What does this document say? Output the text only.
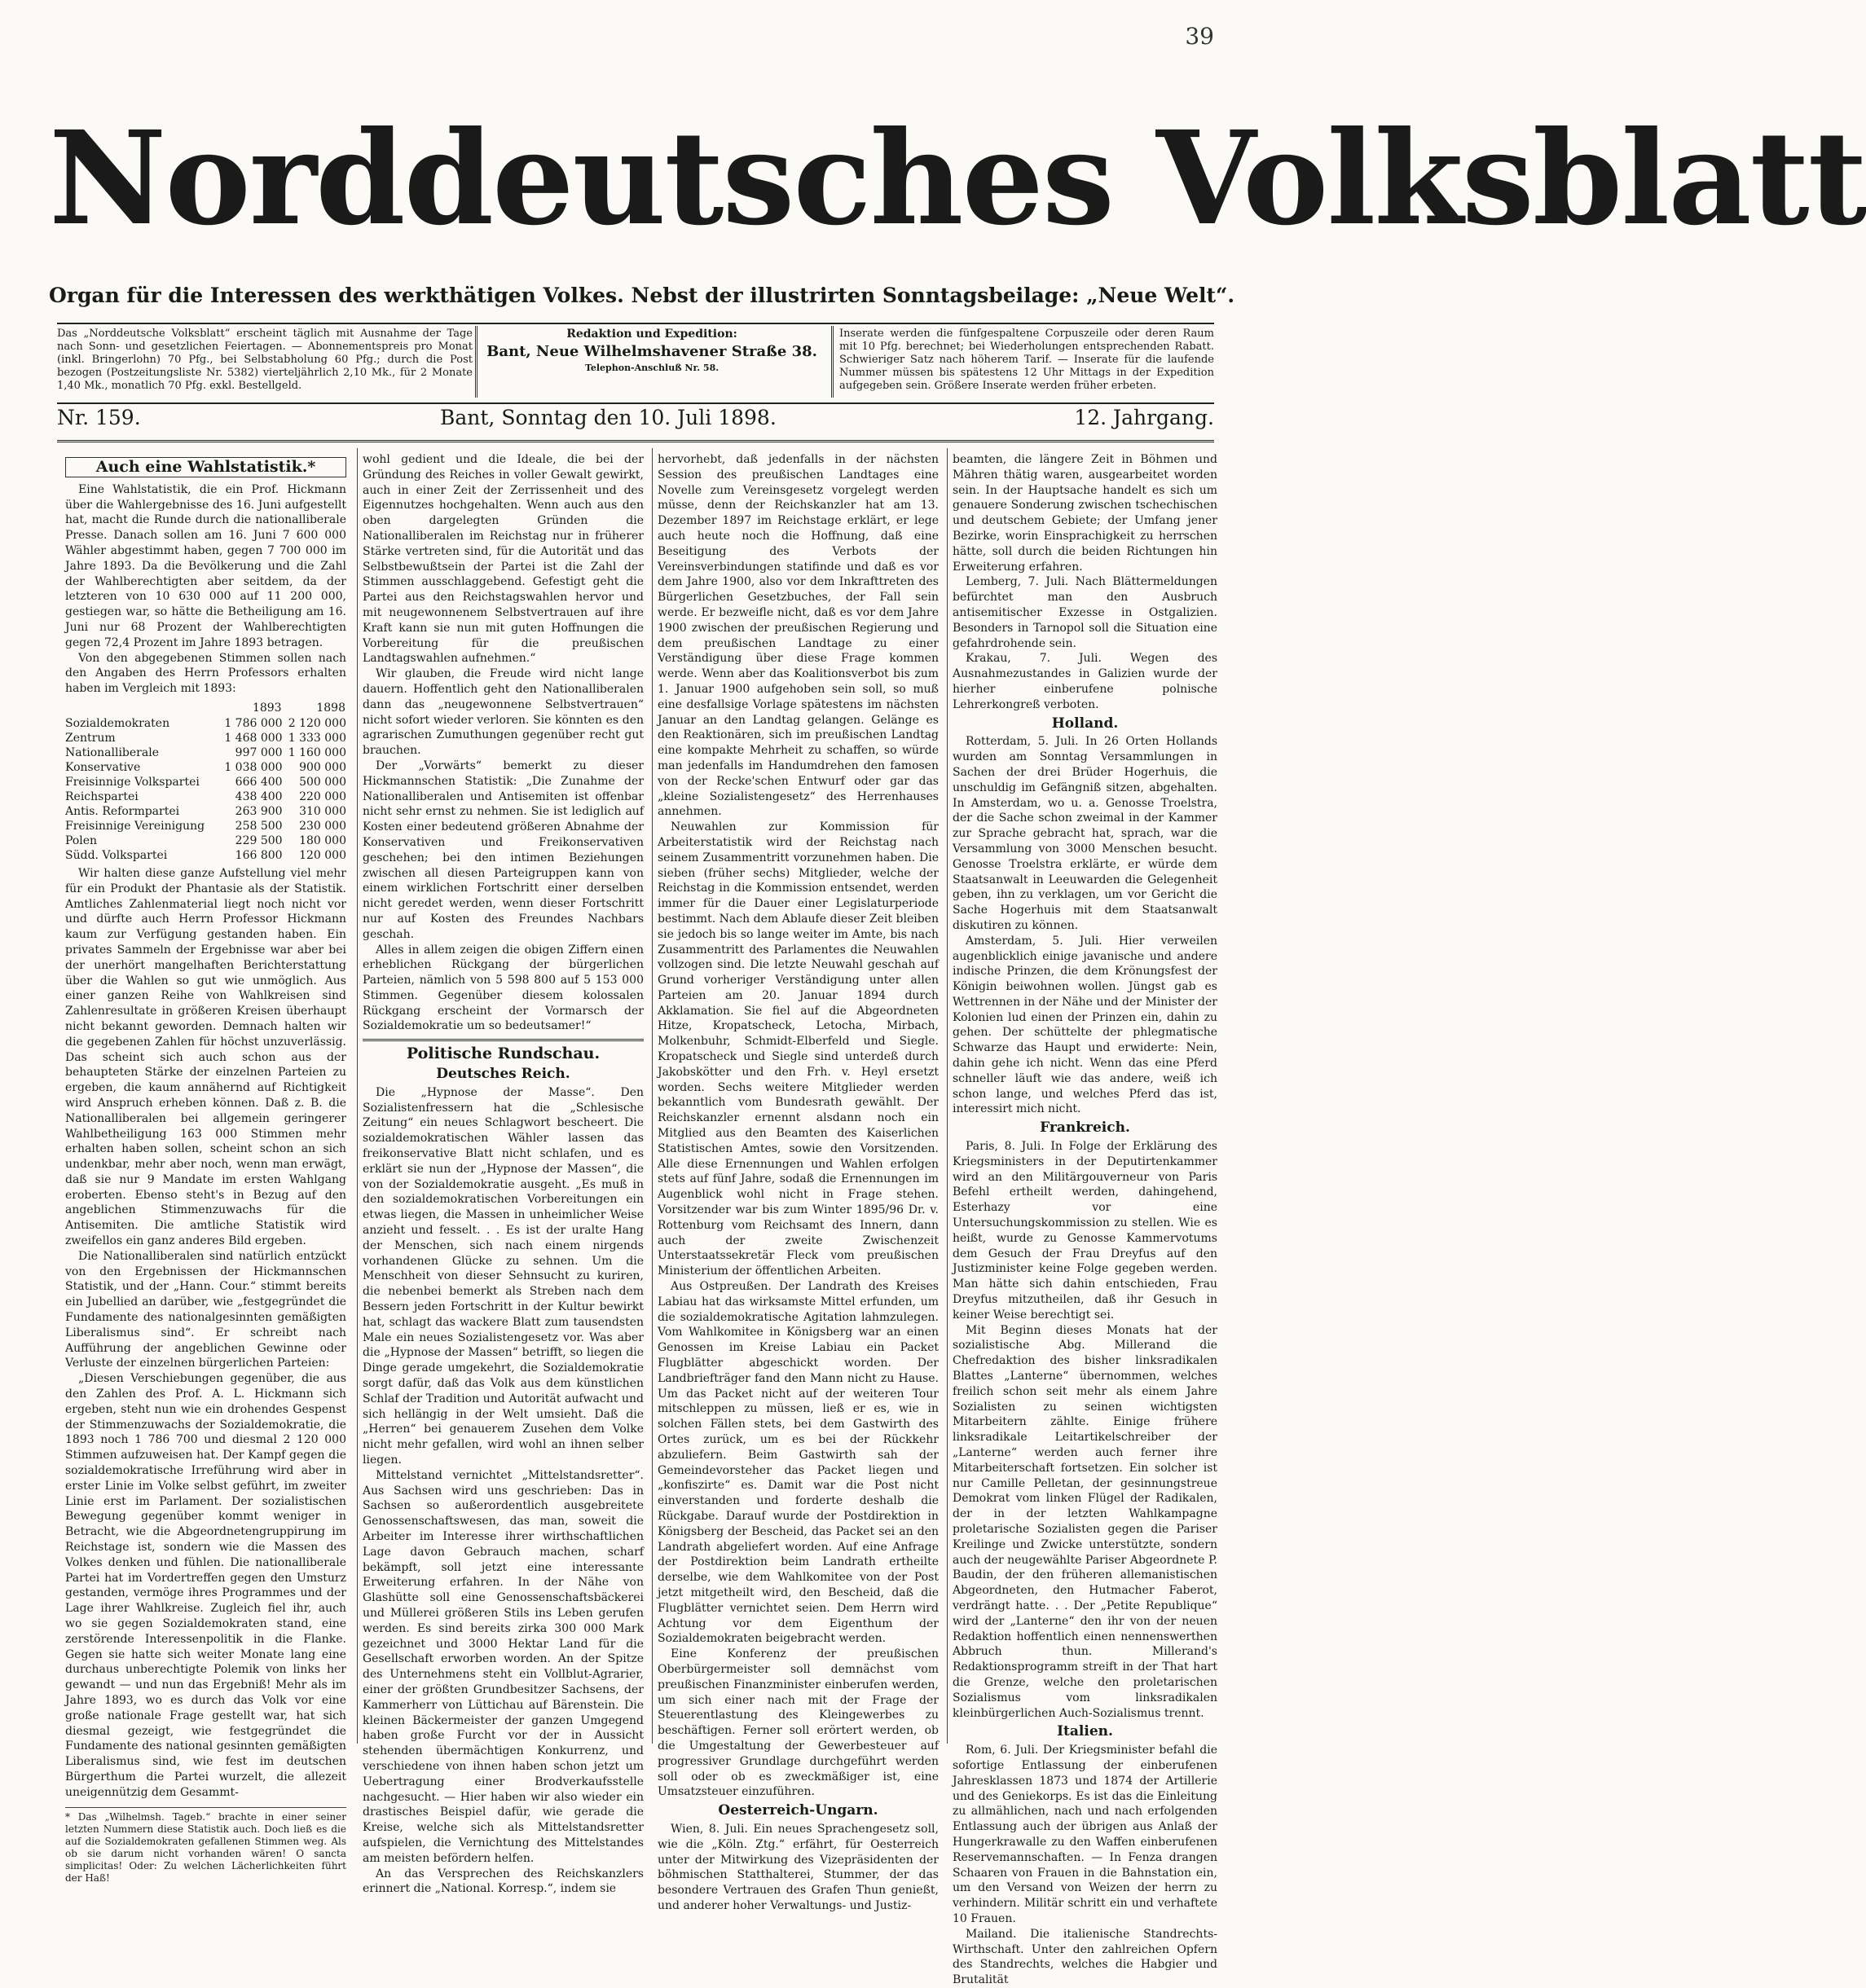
39
Norddeutsches Volksblatt
Organ für die Interessen des werkthätigen Volkes. Nebst der illustrirten Sonntagsbeilage: „Neue Welt“.
Das „Norddeutsche Volksblatt“ erscheint täglich mit Ausnahme der Tage nach Sonn- und gesetzlichen Feiertagen. — Abonnementspreis pro Monat (inkl. Bringerlohn) 70 Pfg., bei Selbstabholung 60 Pfg.; durch die Post bezogen (Postzeitungsliste Nr. 5382) vierteljährlich 2,10 Mk., für 2 Monate 1,40 Mk., monatlich 70 Pfg. exkl. Bestellgeld.
Redaktion und Expedition:
Bant, Neue Wilhelmshavener Straße 38.
Telephon-Anschluß Nr. 58.
Inserate werden die fünfgespaltene Corpuszeile oder deren Raum mit 10 Pfg. berechnet; bei Wiederholungen entsprechenden Rabatt. Schwieriger Satz nach höherem Tarif. — Inserate für die laufende Nummer müssen bis spätestens 12 Uhr Mittags in der Expedition aufgegeben sein. Größere Inserate werden früher erbeten.
Nr. 159.	Bant, Sonntag den 10. Juli 1898.	12. Jahrgang.
Auch eine Wahlstatistik.*

Eine Wahlstatistik, die ein Prof. Hickmann über die Wahlergebnisse des 16. Juni aufgestellt hat, macht die Runde durch die nationalliberale Presse. Danach sollen am 16. Juni 7 600 000 Wähler abgestimmt haben, gegen 7 700 000 im Jahre 1893. Da die Bevölkerung und die Zahl der Wahlberechtigten aber seitdem, da der letzteren von 10 630 000 auf 11 200 000, gestiegen war, so hätte die Betheiligung am 16. Juni nur 68 Prozent der Wahlberechtigten gegen 72,4 Prozent im Jahre 1893 betragen.

Von den abgegebenen Stimmen sollen nach den Angaben des Herrn Professors erhalten haben im Vergleich mit 1893:

	1893	1898
Sozialdemokraten	1 786 000	2 120 000
Zentrum	1 468 000	1 333 000
Nationalliberale	997 000	1 160 000
Konservative	1 038 000	900 000
Freisinnige Volkspartei	666 400	500 000
Reichspartei	438 400	220 000
Antis. Reformpartei	263 900	310 000
Freisinnige Vereinigung	258 500	230 000
Polen	229 500	180 000
Südd. Volkspartei	166 800	120 000

Wir halten diese ganze Aufstellung viel mehr für ein Produkt der Phantasie als der Statistik. Amtliches Zahlenmaterial liegt noch nicht vor und dürfte auch Herrn Professor Hickmann kaum zur Verfügung gestanden haben. Ein privates Sammeln der Ergebnisse war aber bei der unerhört mangelhaften Berichterstattung über die Wahlen so gut wie unmöglich. Aus einer ganzen Reihe von Wahlkreisen sind Zahlenresultate in größeren Kreisen überhaupt nicht bekannt geworden. Demnach halten wir die gegebenen Zahlen für höchst unzuverlässig. Das scheint sich auch schon aus der behaupteten Stärke der einzelnen Parteien zu ergeben, die kaum annähernd auf Richtigkeit wird Anspruch erheben können. Daß z. B. die Nationalliberalen bei allgemein geringerer Wahlbetheiligung 163 000 Stimmen mehr erhalten haben sollen, scheint schon an sich undenkbar, mehr aber noch, wenn man erwägt, daß sie nur 9 Mandate im ersten Wahlgang eroberten. Ebenso steht's in Bezug auf den angeblichen Stimmenzuwachs für die Antisemiten. Die amtliche Statistik wird zweifellos ein ganz anderes Bild ergeben.

Die Nationalliberalen sind natürlich entzückt von den Ergebnissen der Hickmannschen Statistik, und der „Hann. Cour.“ stimmt bereits ein Jubellied an darüber, wie „festgegründet die Fundamente des nationalgesinnten gemäßigten Liberalismus sind“. Er schreibt nach Aufführung der angeblichen Gewinne oder Verluste der einzelnen bürgerlichen Parteien:

„Diesen Verschiebungen gegenüber, die aus den Zahlen des Prof. A. L. Hickmann sich ergeben, steht nun wie ein drohendes Gespenst der Stimmenzuwachs der Sozialdemokratie, die 1893 noch 1 786 700 und diesmal 2 120 000 Stimmen aufzuweisen hat. Der Kampf gegen die sozialdemokratische Irreführung wird aber in erster Linie im Volke selbst geführt, im zweiter Linie erst im Parlament. Der sozialistischen Bewegung gegenüber kommt weniger in Betracht, wie die Abgeordnetengruppirung im Reichstage ist, sondern wie die Massen des Volkes denken und fühlen. Die nationalliberale Partei hat im Vordertreffen gegen den Umsturz gestanden, vermöge ihres Programmes und der Lage ihrer Wahlkreise. Zugleich fiel ihr, auch wo sie gegen Sozialdemokraten stand, eine zerstörende Interessenpolitik in die Flanke. Gegen sie hatte sich weiter Monate lang eine durchaus unberechtigte Polemik von links her gewandt — und nun das Ergebniß! Mehr als im Jahre 1893, wo es durch das Volk vor eine große nationale Frage gestellt war, hat sich diesmal gezeigt, wie festgegründet die Fundamente des national gesinnten gemäßigten Liberalismus sind, wie fest im deutschen Bürgerthum die Partei wurzelt, die allezeit uneigennützig dem Gesammt-

* Das „Wilhelmsh. Tageb.“ brachte in einer seiner letzten Nummern diese Statistik auch. Doch ließ es die auf die Sozialdemokraten gefallenen Stimmen weg. Als ob sie darum nicht vorhanden wären! O sancta simplicitas! Oder: Zu welchen Lächerlichkeiten führt der Haß!

wohl gedient und die Ideale, die bei der Gründung des Reiches in voller Gewalt gewirkt, auch in einer Zeit der Zerrissenheit und des Eigennutzes hochgehalten. Wenn auch aus den oben dargelegten Gründen die Nationalliberalen im Reichstag nur in früherer Stärke vertreten sind, für die Autorität und das Selbstbewußtsein der Partei ist die Zahl der Stimmen ausschlaggebend. Gefestigt geht die Partei aus den Reichstagswahlen hervor und mit neugewonnenem Selbstvertrauen auf ihre Kraft kann sie nun mit guten Hoffnungen die Vorbereitung für die preußischen Landtagswahlen aufnehmen.“

Wir glauben, die Freude wird nicht lange dauern. Hoffentlich geht den Nationalliberalen dann das „neugewonnene Selbstvertrauen“ nicht sofort wieder verloren. Sie könnten es den agrarischen Zumuthungen gegenüber recht gut brauchen.

Der „Vorwärts“ bemerkt zu dieser Hickmannschen Statistik: „Die Zunahme der Nationalliberalen und Antisemiten ist offenbar nicht sehr ernst zu nehmen. Sie ist lediglich auf Kosten einer bedeutend größeren Abnahme der Konservativen und Freikonservativen geschehen; bei den intimen Beziehungen zwischen all diesen Parteigruppen kann von einem wirklichen Fortschritt einer derselben nicht geredet werden, wenn dieser Fortschritt nur auf Kosten des Freundes Nachbars geschah.

Alles in allem zeigen die obigen Ziffern einen erheblichen Rückgang der bürgerlichen Parteien, nämlich von 5 598 800 auf 5 153 000 Stimmen. Gegenüber diesem kolossalen Rückgang erscheint der Vormarsch der Sozialdemokratie um so bedeutsamer!“

Politische Rundschau.
Deutsches Reich.

Die „Hypnose der Masse“. Den Sozialistenfressern hat die „Schlesische Zeitung“ ein neues Schlagwort bescheert. Die sozialdemokratischen Wähler lassen das freikonservative Blatt nicht schlafen, und es erklärt sie nun der „Hypnose der Massen“, die von der Sozialdemokratie ausgeht. „Es muß in den sozialdemokratischen Vorbereitungen ein etwas liegen, die Massen in unheimlicher Weise anzieht und fesselt. . . Es ist der uralte Hang der Menschen, sich nach einem nirgends vorhandenen Glücke zu sehnen. Um die Menschheit von dieser Sehnsucht zu kuriren, die nebenbei bemerkt als Streben nach dem Bessern jeden Fortschritt in der Kultur bewirkt hat, schlagt das wackere Blatt zum tausendsten Male ein neues Sozialistengesetz vor. Was aber die „Hypnose der Massen“ betrifft, so liegen die Dinge gerade umgekehrt, die Sozialdemokratie sorgt dafür, daß das Volk aus dem künstlichen Schlaf der Tradition und Autorität aufwacht und sich hellängig in der Welt umsieht. Daß die „Herren“ bei genauerem Zusehen dem Volke nicht mehr gefallen, wird wohl an ihnen selber liegen.

Mittelstand vernichtet „Mittelstandsretter“. Aus Sachsen wird uns geschrieben: Das in Sachsen so außerordentlich ausgebreitete Genossenschaftswesen, das man, soweit die Arbeiter im Interesse ihrer wirthschaftlichen Lage davon Gebrauch machen, scharf bekämpft, soll jetzt eine interessante Erweiterung erfahren. In der Nähe von Glashütte soll eine Genossenschaftsbäckerei und Müllerei größeren Stils ins Leben gerufen werden. Es sind bereits zirka 300 000 Mark gezeichnet und 3000 Hektar Land für die Gesellschaft erworben worden. An der Spitze des Unternehmens steht ein Vollblut-Agrarier, einer der größten Grundbesitzer Sachsens, der Kammerherr von Lüttichau auf Bärenstein. Die kleinen Bäckermeister der ganzen Umgegend haben große Furcht vor der in Aussicht stehenden übermächtigen Konkurrenz, und verschiedene von ihnen haben schon jetzt um Uebertragung einer Brodverkaufsstelle nachgesucht. — Hier haben wir also wieder ein drastisches Beispiel dafür, wie gerade die Kreise, welche sich als Mittelstandsretter aufspielen, die Vernichtung des Mittelstandes am meisten befördern helfen.

An das Versprechen des Reichskanzlers erinnert die „National. Korresp.“, indem sie

hervorhebt, daß jedenfalls in der nächsten Session des preußischen Landtages eine Novelle zum Vereinsgesetz vorgelegt werden müsse, denn der Reichskanzler hat am 13. Dezember 1897 im Reichstage erklärt, er lege auch heute noch die Hoffnung, daß eine Beseitigung des Verbots der Vereinsverbindungen statifinde und daß es vor dem Jahre 1900, also vor dem Inkrafttreten des Bürgerlichen Gesetzbuches, der Fall sein werde. Er bezweifle nicht, daß es vor dem Jahre 1900 zwischen der preußischen Regierung und dem preußischen Landtage zu einer Verständigung über diese Frage kommen werde. Wenn aber das Koalitionsverbot bis zum 1. Januar 1900 aufgehoben sein soll, so muß eine desfallsige Vorlage spätestens im nächsten Januar an den Landtag gelangen. Gelänge es den Reaktionären, sich im preußischen Landtag eine kompakte Mehrheit zu schaffen, so würde man jedenfalls im Handumdrehen den famosen von der Recke'schen Entwurf oder gar das „kleine Sozialistengesetz“ des Herrenhauses annehmen.

Neuwahlen zur Kommission für Arbeiterstatistik wird der Reichstag nach seinem Zusammentritt vorzunehmen haben. Die sieben (früher sechs) Mitglieder, welche der Reichstag in die Kommission entsendet, werden immer für die Dauer einer Legislaturperiode bestimmt. Nach dem Ablaufe dieser Zeit bleiben sie jedoch bis so lange weiter im Amte, bis nach Zusammentritt des Parlamentes die Neuwahlen vollzogen sind. Die letzte Neuwahl geschah auf Grund vorheriger Verständigung unter allen Parteien am 20. Januar 1894 durch Akklamation. Sie fiel auf die Abgeordneten Hitze, Kropatscheck, Letocha, Mirbach, Molkenbuhr, Schmidt-Elberfeld und Siegle. Kropatscheck und Siegle sind unterdeß durch Jakobskötter und den Frh. v. Heyl ersetzt worden. Sechs weitere Mitglieder werden bekanntlich vom Bundesrath gewählt. Der Reichskanzler ernennt alsdann noch ein Mitglied aus den Beamten des Kaiserlichen Statistischen Amtes, sowie den Vorsitzenden. Alle diese Ernennungen und Wahlen erfolgen stets auf fünf Jahre, sodaß die Ernennungen im Augenblick wohl nicht in Frage stehen. Vorsitzender war bis zum Winter 1895/96 Dr. v. Rottenburg vom Reichsamt des Innern, dann auch der zweite Zwischenzeit Unterstaatssekretär Fleck vom preußischen Ministerium der öffentlichen Arbeiten.

Aus Ostpreußen. Der Landrath des Kreises Labiau hat das wirksamste Mittel erfunden, um die sozialdemokratische Agitation lahmzulegen. Vom Wahlkomitee in Königsberg war an einen Genossen im Kreise Labiau ein Packet Flugblätter abgeschickt worden. Der Landbriefträger fand den Mann nicht zu Hause. Um das Packet nicht auf der weiteren Tour mitschleppen zu müssen, ließ er es, wie in solchen Fällen stets, bei dem Gastwirth des Ortes zurück, um es bei der Rückkehr abzuliefern. Beim Gastwirth sah der Gemeindevorsteher das Packet liegen und „konfiszirte“ es. Damit war die Post nicht einverstanden und forderte deshalb die Rückgabe. Darauf wurde der Postdirektion in Königsberg der Bescheid, das Packet sei an den Landrath abgeliefert worden. Auf eine Anfrage der Postdirektion beim Landrath ertheilte derselbe, wie dem Wahlkomitee von der Post jetzt mitgetheilt wird, den Bescheid, daß die Flugblätter vernichtet seien. Dem Herrn wird Achtung vor dem Eigenthum der Sozialdemokraten beigebracht werden.

Eine Konferenz der preußischen Oberbürgermeister soll demnächst vom preußischen Finanzminister einberufen werden, um sich einer nach mit der Frage der Steuerentlastung des Kleingewerbes zu beschäftigen. Ferner soll erörtert werden, ob die Umgestaltung der Gewerbesteuer auf progressiver Grundlage durchgeführt werden soll oder ob es zweckmäßiger ist, eine Umsatzsteuer einzuführen.

Oesterreich-Ungarn.

Wien, 8. Juli. Ein neues Sprachengesetz soll, wie die „Köln. Ztg.“ erfährt, für Oesterreich unter der Mitwirkung des Vizepräsidenten der böhmischen Statthalterei, Stummer, der das besondere Vertrauen des Grafen Thun genießt, und anderer hoher Verwaltungs- und Justiz-

beamten, die längere Zeit in Böhmen und Mähren thätig waren, ausgearbeitet worden sein. In der Hauptsache handelt es sich um genauere Sonderung zwischen tschechischen und deutschem Gebiete; der Umfang jener Bezirke, worin Einsprachigkeit zu herrschen hätte, soll durch die beiden Richtungen hin Erweiterung erfahren.

Lemberg, 7. Juli. Nach Blättermeldungen befürchtet man den Ausbruch antisemitischer Exzesse in Ostgalizien. Besonders in Tarnopol soll die Situation eine gefahrdrohende sein.

Krakau, 7. Juli. Wegen des Ausnahmezustandes in Galizien wurde der hierher einberufene polnische Lehrerkongreß verboten.

Holland.

Rotterdam, 5. Juli. In 26 Orten Hollands wurden am Sonntag Versammlungen in Sachen der drei Brüder Hogerhuis, die unschuldig im Gefängniß sitzen, abgehalten. In Amsterdam, wo u. a. Genosse Troelstra, der die Sache schon zweimal in der Kammer zur Sprache gebracht hat, sprach, war die Versammlung von 3000 Menschen besucht. Genosse Troelstra erklärte, er würde dem Staatsanwalt in Leeuwarden die Gelegenheit geben, ihn zu verklagen, um vor Gericht die Sache Hogerhuis mit dem Staatsanwalt diskutiren zu können.

Amsterdam, 5. Juli. Hier verweilen augenblicklich einige javanische und andere indische Prinzen, die dem Krönungsfest der Königin beiwohnen wollen. Jüngst gab es Wettrennen in der Nähe und der Minister der Kolonien lud einen der Prinzen ein, dahin zu gehen. Der schüttelte der phlegmatische Schwarze das Haupt und erwiderte: Nein, dahin gehe ich nicht. Wenn das eine Pferd schneller läuft wie das andere, weiß ich schon lange, und welches Pferd das ist, interessirt mich nicht.

Frankreich.

Paris, 8. Juli. In Folge der Erklärung des Kriegsministers in der Deputirtenkammer wird an den Militärgouverneur von Paris Befehl ertheilt werden, dahingehend, Esterhazy vor eine Untersuchungskommission zu stellen. Wie es heißt, wurde zu Genosse Kammervotums dem Gesuch der Frau Dreyfus auf den Justizminister keine Folge gegeben werden. Man hätte sich dahin entschieden, Frau Dreyfus mitzutheilen, daß ihr Gesuch in keiner Weise berechtigt sei.

Mit Beginn dieses Monats hat der sozialistische Abg. Millerand die Chefredaktion des bisher linksradikalen Blattes „Lanterne“ übernommen, welches freilich schon seit mehr als einem Jahre Sozialisten zu seinen wichtigsten Mitarbeitern zählte. Einige frühere linksradikale Leitartikelschreiber der „Lanterne“ werden auch ferner ihre Mitarbeiterschaft fortsetzen. Ein solcher ist nur Camille Pelletan, der gesinnungstreue Demokrat vom linken Flügel der Radikalen, der in der letzten Wahlkampagne proletarische Sozialisten gegen die Pariser Kreilinge und Zwicke unterstützte, sondern auch der neugewählte Pariser Abgeordnete P. Baudin, der den früheren allemanistischen Abgeordneten, den Hutmacher Faberot, verdrängt hatte. . . Der „Petite Republique“ wird der „Lanterne“ den ihr von der neuen Redaktion hoffentlich einen nennenswerthen Abbruch thun. Millerand's Redaktionsprogramm streift in der That hart die Grenze, welche den proletarischen Sozialismus vom linksradikalen kleinbürgerlichen Auch-Sozialismus trennt.

Italien.

Rom, 6. Juli. Der Kriegsminister befahl die sofortige Entlassung der einberufenen Jahresklassen 1873 und 1874 der Artillerie und des Geniekorps. Es ist das die Einleitung zu allmählichen, nach und nach erfolgenden Entlassung auch der übrigen aus Anlaß der Hungerkrawalle zu den Waffen einberufenen Reservemannschaften. — In Fenza drangen Schaaren von Frauen in die Bahnstation ein, um den Versand von Weizen der herrn zu verhindern. Militär schritt ein und verhaftete 10 Frauen.

Mailand. Die italienische Standrechts-Wirthschaft. Unter den zahlreichen Opfern des Standrechts, welches die Habgier und Brutalität
